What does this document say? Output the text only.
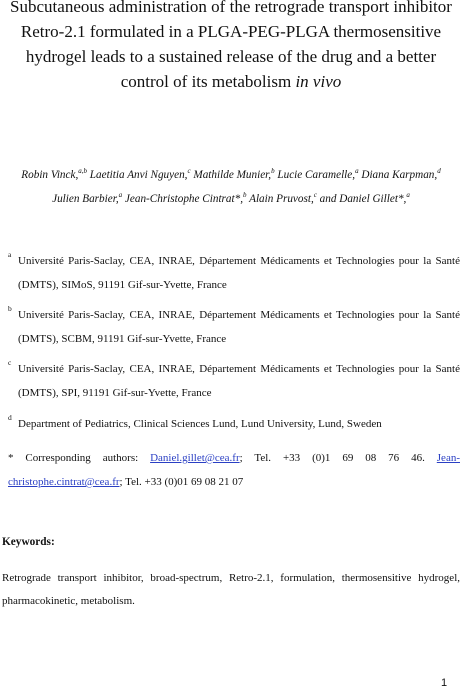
Subcutaneous administration of the retrograde transport inhibitor Retro-2.1 formulated in a PLGA-PEG-PLGA thermosensitive hydrogel leads to a sustained release of the drug and a better control of its metabolism in vivo
Robin Vinck,$^{a,b}$ Laetitia Anvi Nguyen,$^c$ Mathilde Munier,$^b$ Lucie Caramelle,$^a$ Diana Karpman,$^d$
Julien Barbier,$^a$ Jean-Christophe Cintrat*,$^b$ Alain Pruvost,$^c$ and Daniel Gillet*,$^a$
a
Université Paris-Saclay, CEA, INRAE, Département Médicaments et Technologies pour la Santé (DMTS), SIMoS, 91191 Gif-sur-Yvette, France
b
Université Paris-Saclay, CEA, INRAE, Département Médicaments et Technologies pour la Santé (DMTS), SCBM, 91191 Gif-sur-Yvette, France
c
Université Paris-Saclay, CEA, INRAE, Département Médicaments et Technologies pour la Santé (DMTS), SPI, 91191 Gif-sur-Yvette, France
d
Department of Pediatrics, Clinical Sciences Lund, Lund University, Lund, Sweden
* Corresponding authors: Daniel.gillet@cea.fr; Tel. +33 (0)1 69 08 76 46. Jean-christophe.cintrat@cea.fr; Tel. +33 (0)01 69 08 21 07
Keywords:
Retrograde transport inhibitor, broad-spectrum, Retro-2.1, formulation, thermosensitive hydrogel, pharmacokinetic, metabolism.
1
